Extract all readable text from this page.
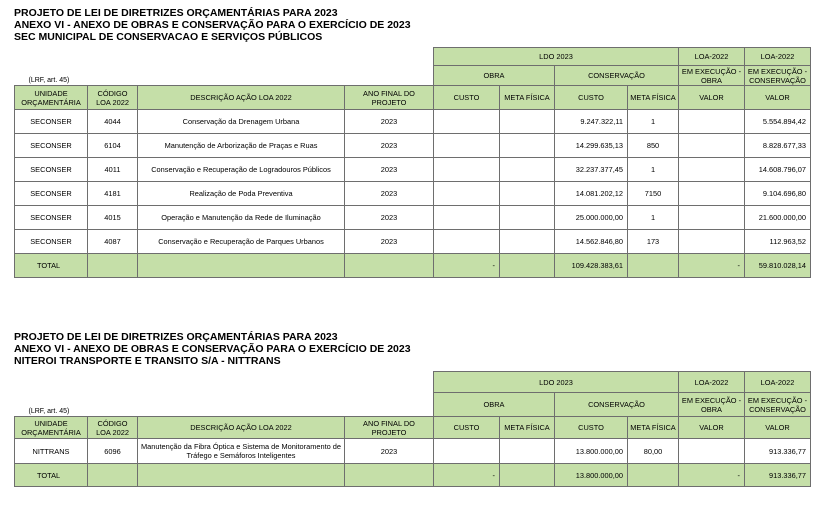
PROJETO DE LEI DE DIRETRIZES ORÇAMENTÁRIAS PARA 2023
ANEXO VI - ANEXO DE OBRAS E CONSERVAÇÃO PARA O EXERCÍCIO DE 2023
SEC MUNICIPAL DE CONSERVACAO E SERVIÇOS PÚBLICOS
				LDO 2023				LOA-2022	LOA-2022
(LRF, art. 45)				OBRA		CONSERVAÇÃO		EM EXECUÇÃO - OBRA	EM EXECUÇÃO - CONSERVAÇÃO
UNIDADE ORÇAMENTÁRIA	CÓDIGO LOA 2022	DESCRIÇÃO AÇÃO LOA 2022	ANO FINAL DO PROJETO	CUSTO	META FÍSICA	CUSTO	META FÍSICA	VALOR	VALOR
SECONSER	4044	Conservação da Drenagem Urbana	2023			9.247.322,11	1		5.554.894,42
SECONSER	6104	Manutenção de Arborização de Praças e Ruas	2023			14.299.635,13	850		8.828.677,33
SECONSER	4011	Conservação e Recuperação de Logradouros Públicos	2023			32.237.377,45	1		14.608.796,07
SECONSER	4181	Realização de Poda Preventiva	2023			14.081.202,12	7150		9.104.696,80
SECONSER	4015	Operação e Manutenção da Rede de Iluminação	2023			25.000.000,00	1		21.600.000,00
SECONSER	4087	Conservação e Recuperação de Parques Urbanos	2023			14.562.846,80	173		112.963,52
TOTAL				-		109.428.383,61		-	59.810.028,14
PROJETO DE LEI DE DIRETRIZES ORÇAMENTÁRIAS PARA 2023
ANEXO VI - ANEXO DE OBRAS E CONSERVAÇÃO PARA O EXERCÍCIO DE 2023
NITEROI TRANSPORTE E TRANSITO S/A - NITTRANS
				LDO 2023				LOA-2022	LOA-2022
(LRF, art. 45)				OBRA		CONSERVAÇÃO		EM EXECUÇÃO - OBRA	EM EXECUÇÃO - CONSERVAÇÃO
UNIDADE ORÇAMENTÁRIA	CÓDIGO LOA 2022	DESCRIÇÃO AÇÃO LOA 2022	ANO FINAL DO PROJETO	CUSTO	META FÍSICA	CUSTO	META FÍSICA	VALOR	VALOR
NITTRANS	6096	Manutenção da Fibra Óptica e Sistema de Monitoramento de Tráfego e Semáforos Inteligentes	2023			13.800.000,00	80,00		913.336,77
TOTAL				-		13.800.000,00		-	913.336,77
